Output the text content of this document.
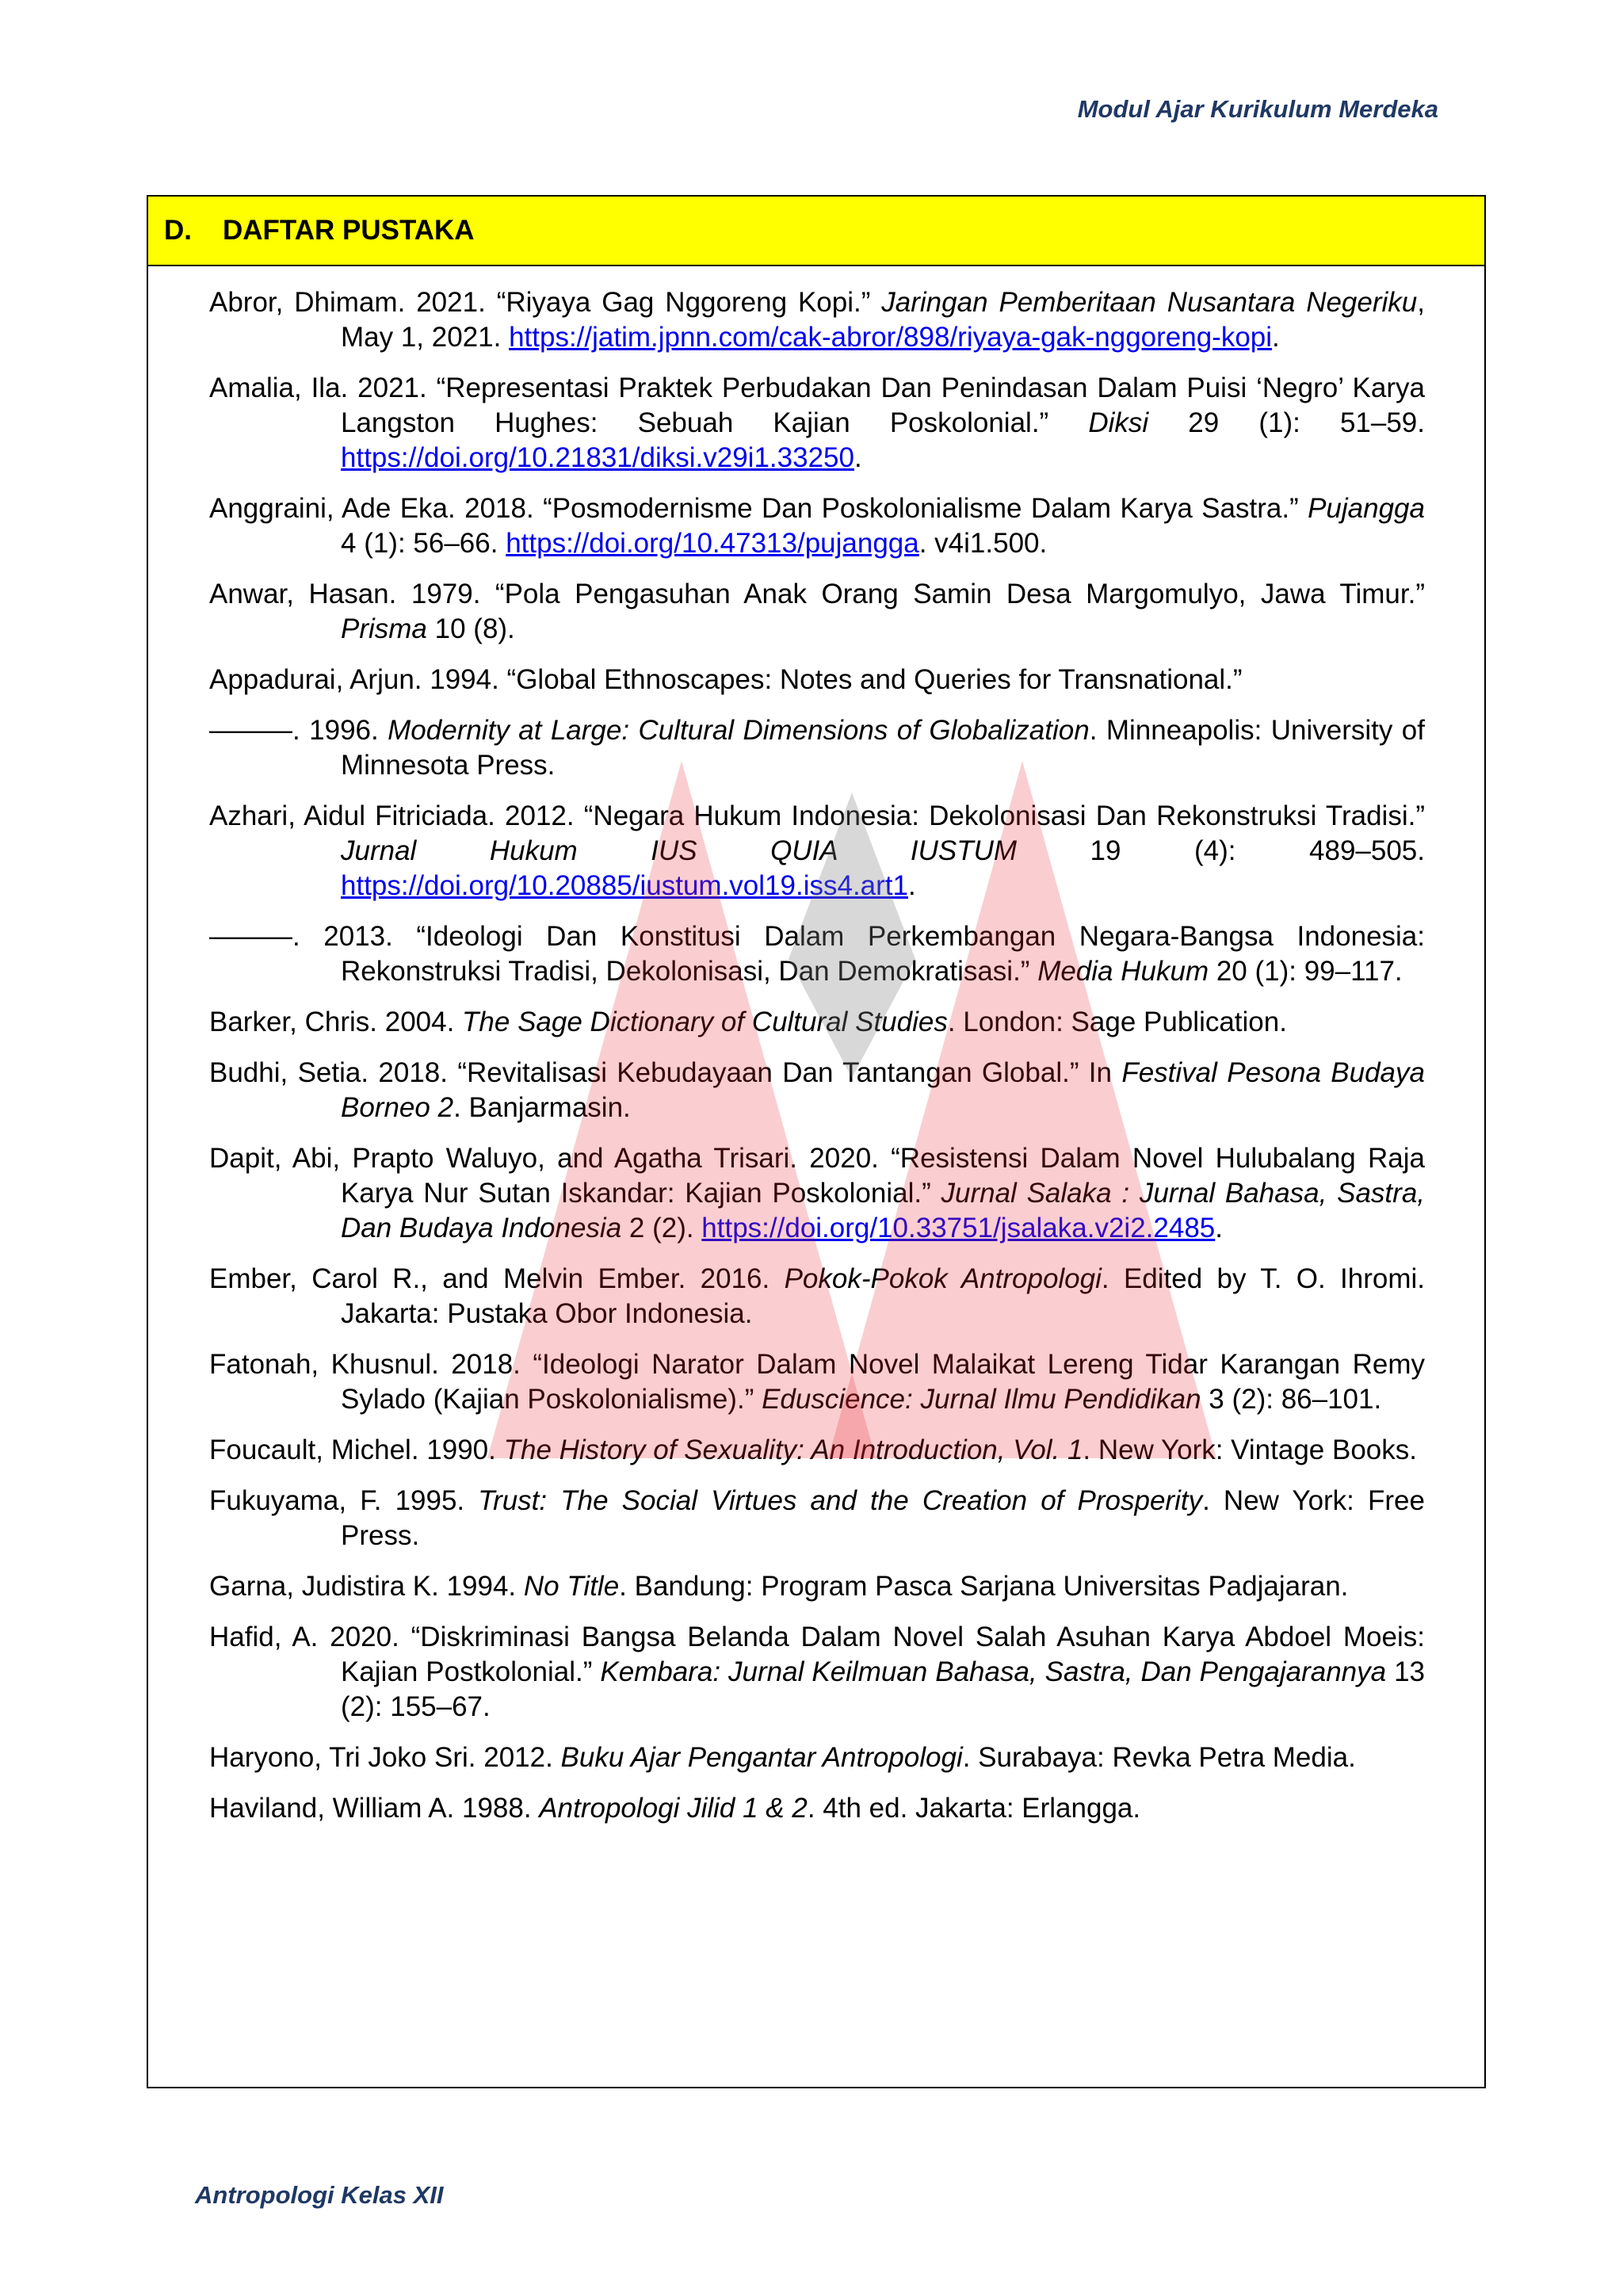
Modul Ajar Kurikulum Merdeka
D.	DAFTAR PUSTAKA
Abror, Dhimam. 2021. “Riyaya Gag Nggoreng Kopi.” Jaringan Pemberitaan Nusantara Negeriku, May 1, 2021. https://jatim.jpnn.com/cak-abror/898/riyaya-gak-nggoreng-kopi.
Amalia, Ila. 2021. “Representasi Praktek Perbudakan Dan Penindasan Dalam Puisi ‘Negro’ Karya Langston Hughes: Sebuah Kajian Poskolonial.” Diksi 29 (1): 51–59. https://doi.org/10.21831/diksi.v29i1.33250.
Anggraini, Ade Eka. 2018. “Posmodernisme Dan Poskolonialisme Dalam Karya Sastra.” Pujangga 4 (1): 56–66. https://doi.org/10.47313/pujangga. v4i1.500.
Anwar, Hasan. 1979. “Pola Pengasuhan Anak Orang Samin Desa Margomulyo, Jawa Timur.” Prisma 10 (8).
Appadurai, Arjun. 1994. “Global Ethnoscapes: Notes and Queries for Transnational.”
———. 1996. Modernity at Large: Cultural Dimensions of Globalization. Minneapolis: University of Minnesota Press.
Azhari, Aidul Fitriciada. 2012. “Negara Hukum Indonesia: Dekolonisasi Dan Rekonstruksi Tradisi.” Jurnal Hukum IUS QUIA IUSTUM 19 (4): 489–505. https://doi.org/10.20885/iustum.vol19.iss4.art1.
———. 2013. “Ideologi Dan Konstitusi Dalam Perkembangan Negara-Bangsa Indonesia: Rekonstruksi Tradisi, Dekolonisasi, Dan Demokratisasi.” Media Hukum 20 (1): 99–117.
Barker, Chris. 2004. The Sage Dictionary of Cultural Studies. London: Sage Publication.
Budhi, Setia. 2018. “Revitalisasi Kebudayaan Dan Tantangan Global.” In Festival Pesona Budaya Borneo 2. Banjarmasin.
Dapit, Abi, Prapto Waluyo, and Agatha Trisari. 2020. “Resistensi Dalam Novel Hulubalang Raja Karya Nur Sutan Iskandar: Kajian Poskolonial.” Jurnal Salaka : Jurnal Bahasa, Sastra, Dan Budaya Indonesia 2 (2). https://doi.org/10.33751/jsalaka.v2i2.2485.
Ember, Carol R., and Melvin Ember. 2016. Pokok-Pokok Antropologi. Edited by T. O. Ihromi. Jakarta: Pustaka Obor Indonesia.
Fatonah, Khusnul. 2018. “Ideologi Narator Dalam Novel Malaikat Lereng Tidar Karangan Remy Sylado (Kajian Poskolonialisme).” Eduscience: Jurnal Ilmu Pendidikan 3 (2): 86–101.
Foucault, Michel. 1990. The History of Sexuality: An Introduction, Vol. 1. New York: Vintage Books.
Fukuyama, F. 1995. Trust: The Social Virtues and the Creation of Prosperity. New York: Free Press.
Garna, Judistira K. 1994. No Title. Bandung: Program Pasca Sarjana Universitas Padjajaran.
Hafid, A. 2020. “Diskriminasi Bangsa Belanda Dalam Novel Salah Asuhan Karya Abdoel Moeis: Kajian Postkolonial.” Kembara: Jurnal Keilmuan Bahasa, Sastra, Dan Pengajarannya 13 (2): 155–67.
Haryono, Tri Joko Sri. 2012. Buku Ajar Pengantar Antropologi. Surabaya: Revka Petra Media.
Haviland, William A. 1988. Antropologi Jilid 1 & 2. 4th ed. Jakarta: Erlangga.
Antropologi Kelas XII
